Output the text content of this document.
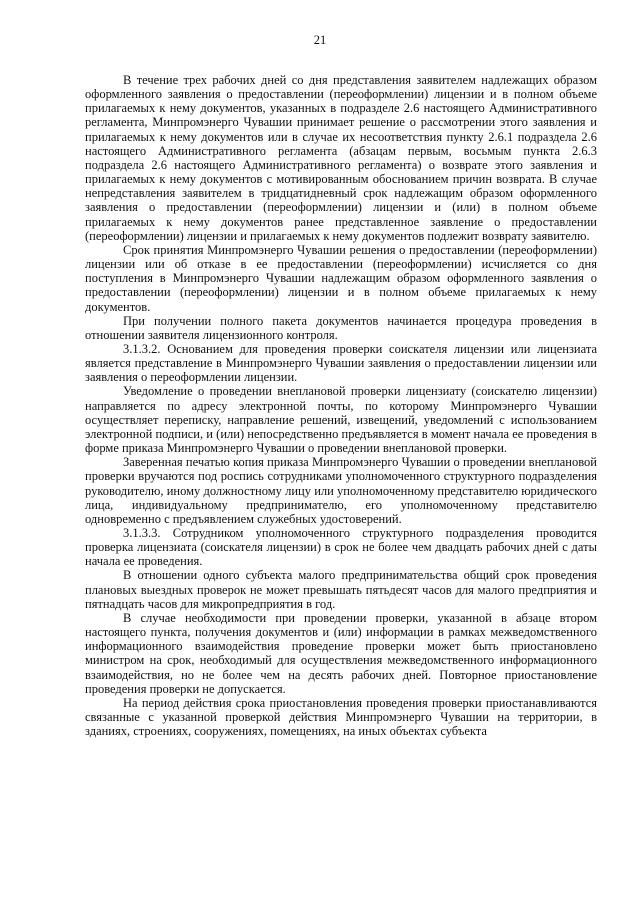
21

В течение трех рабочих дней со дня представления заявителем надлежащих образом оформленного заявления о предоставлении (переоформлении) лицензии и в полном объеме прилагаемых к нему документов, указанных в подразделе 2.6 настоящего Административного регламента, Минпромэнерго Чувашии принимает решение о рассмотрении этого заявления и прилагаемых к нему документов или в случае их несоответствия пункту 2.6.1 подраздела 2.6 настоящего Административного регламента (абзацам первым, восьмым пункта 2.6.3 подраздела 2.6 настоящего Административного регламента) о возврате этого заявления и прилагаемых к нему документов с мотивированным обоснованием причин возврата. В случае непредставления заявителем в тридцатидневный срок надлежащим образом оформленного заявления о предоставлении (переоформлении) лицензии и (или) в полном объеме прилагаемых к нему документов ранее представленное заявление о предоставлении (переоформлении) лицензии и прилагаемых к нему документов подлежит возврату заявителю.

Срок принятия Минпромэнерго Чувашии решения о предоставлении (переоформлении) лицензии или об отказе в ее предоставлении (переоформлении) исчисляется со дня поступления в Минпромэнерго Чувашии надлежащим образом оформленного заявления о предоставлении (переоформлении) лицензии и в полном объеме прилагаемых к нему документов.

При получении полного пакета документов начинается процедура проведения в отношении заявителя лицензионного контроля.

3.1.3.2. Основанием для проведения проверки соискателя лицензии или лицензиата является представление в Минпромэнерго Чувашии заявления о предоставлении лицензии или заявления о переоформлении лицензии.

Уведомление о проведении внеплановой проверки лицензиату (соискателю лицензии) направляется по адресу электронной почты, по которому Минпромэнерго Чувашии осуществляет переписку, направление решений, извещений, уведомлений с использованием электронной подписи, и (или) непосредственно предъявляется в момент начала ее проведения в форме приказа Минпромэнерго Чувашии о проведении внеплановой проверки.

Заверенная печатью копия приказа Минпромэнерго Чувашии о проведении внеплановой проверки вручаются под роспись сотрудниками уполномоченного структурного подразделения руководителю, иному должностному лицу или уполномоченному представителю юридического лица, индивидуальному предпринимателю, его уполномоченному представителю одновременно с предъявлением служебных удостоверений.

3.1.3.3. Сотрудником уполномоченного структурного подразделения проводится проверка лицензиата (соискателя лицензии) в срок не более чем двадцать рабочих дней с даты начала ее проведения.

В отношении одного субъекта малого предпринимательства общий срок проведения плановых выездных проверок не может превышать пятьдесят часов для малого предприятия и пятнадцать часов для микропредприятия в год.

В случае необходимости при проведении проверки, указанной в абзаце втором настоящего пункта, получения документов и (или) информации в рамках межведомственного информационного взаимодействия проведение проверки может быть приостановлено министром на срок, необходимый для осуществления межведомственного информационного взаимодействия, но не более чем на десять рабочих дней. Повторное приостановление проведения проверки не допускается.

На период действия срока приостановления проведения проверки приостанавливаются связанные с указанной проверкой действия Минпромэнерго Чувашии на территории, в зданиях, строениях, сооружениях, помещениях, на иных объектах субъекта
